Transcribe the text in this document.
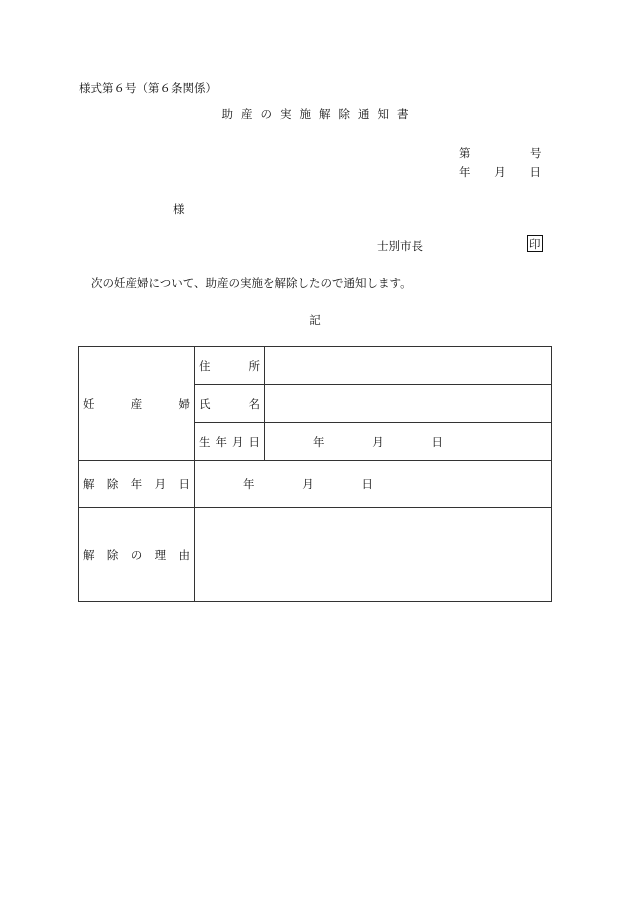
様式第６号（第６条関係）
助産の実施解除通知書
第	号
年 月 日
様
士別市長	印
次の妊産婦について、助産の実施を解除したので通知します。
記
妊 産 婦	住 所	

	氏 名	

	生 年 月 日	年 月 日

解 除 年 月 日	年 月 日	

解 除 の 理 由		
